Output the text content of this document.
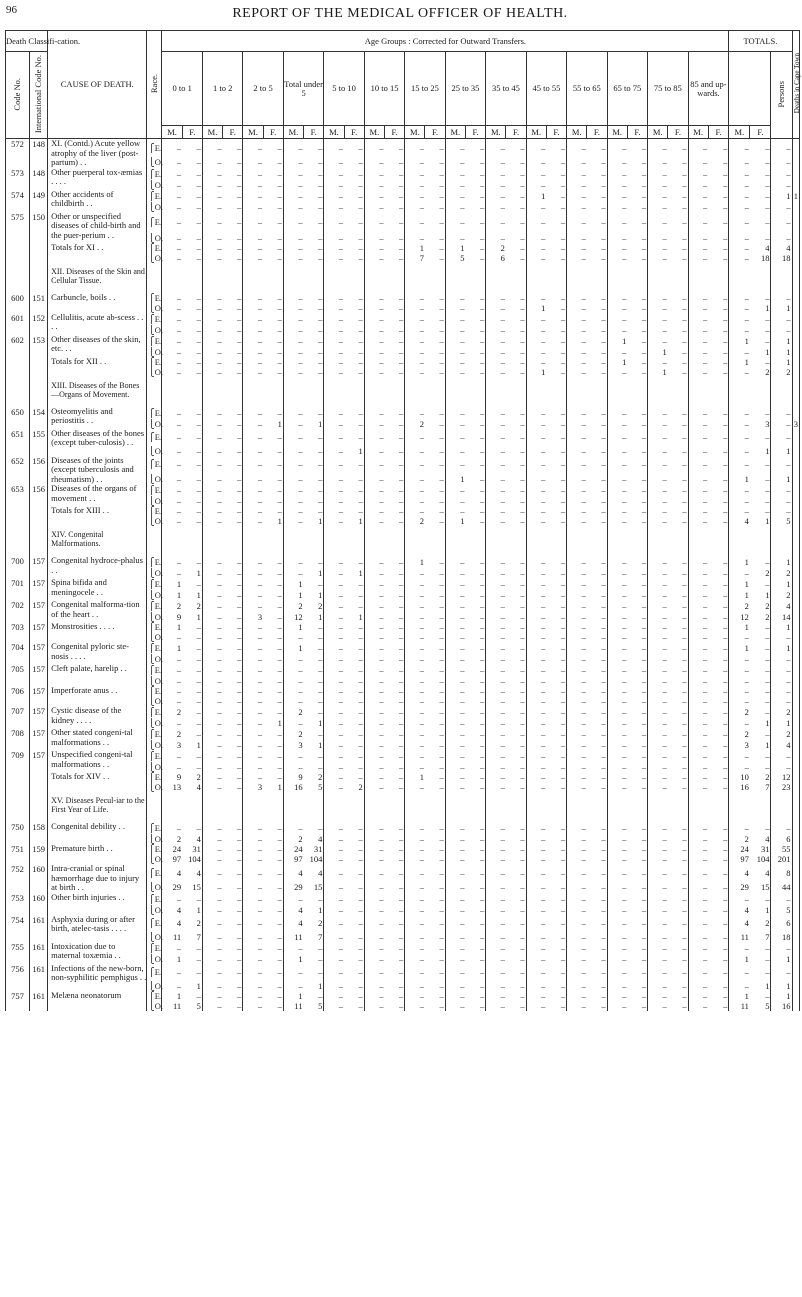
96	REPORT OF THE MEDICAL OFFICER OF HEALTH.
Death Classifi-cation.		CAUSE OF DEATH.	Race.	Age Groups : Corrected for Outward Transfers.																												TOTALS.			Deaths in Cape Town
Code No.	International Code No.			0 to 1		1 to 2		2 to 5		Total under 5		5 to 10		10 to 15		15 to 25		25 to 35		35 to 45		45 to 55		55 to 65		65 to 75		75 to 85		85 and up-wards.				Persons	
				M.	F.	M.	F.	M.	F.	M.	F.	M.	F.	M.	F.	M.	F.	M.	F.	M.	F.	M.	F.	M.	F.	M.	F.	M.	F.	M.	F.	M.	F.		
572	148	XI. (Contd.) Acute yellow atrophy of the liver (post-partum) . .	⎧E.	–	–	–	–	–	–	–	–	–	–	–	–	–	–	–	–	–	–	–	–	–	–	–	–	–	–	–	–	–	–	–	
			⎩O.	–	–	–	–	–	–	–	–	–	–	–	–	–	–	–	–	–	–	–	–	–	–	–	–	–	–	–	–	–	–	–	
573	148	Other puerperal tox-æmias . . . .	⎧E.	–	–	–	–	–	–	–	–	–	–	–	–	–	–	–	–	–	–	–	–	–	–	–	–	–	–	–	–	–	–	–	
			⎩O.	–	–	–	–	–	–	–	–	–	–	–	–	–	–	–	–	–	–	–	–	–	–	–	–	–	–	–	–	–	–	–	
574	149	Other accidents of childbirth . .	⎧E.	–	–	–	–	–	–	–	–	–	–	–	–	–	–	–	–	–	–	1	–	–	–	–	–	–	–	–	–	–	–	1	1
			⎩O.	–	–	–	–	–	–	–	–	–	–	–	–	–	–	–	–	–	–	–	–	–	–	–	–	–	–	–	–	–	–	–	
575	150	Other or unspecified diseases of child-birth and the puer-perium . .	⎧E.	–	–	–	–	–	–	–	–	–	–	–	–	–	–	–	–	–	–	–	–	–	–	–	–	–	–	–	–	–	–	–	
			⎩O.	–	–	–	–	–	–	–	–	–	–	–	–	–	–	–	–	–	–	–	–	–	–	–	–	–	–	–	–	–	–	–	
		Totals for XI . .	⎧E.	–	–	–	–	–	–	–	–	–	–	–	–	1	–	1	–	2	–	–	–	–	–	–	–	–	–	–	–	–	4	4	
			⎩O.	–	–	–	–	–	–	–	–	–	–	–	–	7	–	5	–	6	–	–	–	–	–	–	–	–	–	–	–	–	18	18	

		XII. Diseases of the Skin and Cellular Tissue.																																	

600	151	Carbuncle, boils . .	⎧E.	–	–	–	–	–	–	–	–	–	–	–	–	–	–	–	–	–	–	–	–	–	–	–	–	–	–	–	–	–	–	–	
			⎩O.	–	–	–	–	–	–	–	–	–	–	–	–	–	–	–	–	–	–	1	–	–	–	–	–	–	–	–	–	–	1	1	
601	152	Cellulitis, acute ab-scess . . . .	⎧E.	–	–	–	–	–	–	–	–	–	–	–	–	–	–	–	–	–	–	–	–	–	–	–	–	–	–	–	–	–	–	–	
			⎩O.	–	–	–	–	–	–	–	–	–	–	–	–	–	–	–	–	–	–	–	–	–	–	–	–	–	–	–	–	–	–	–	
602	153	Other diseases of the skin, etc. . .	⎧E.	–	–	–	–	–	–	–	–	–	–	–	–	–	–	–	–	–	–	–	–	–	–	1	–	–	–	–	–	1	–	1	
			⎩O.	–	–	–	–	–	–	–	–	–	–	–	–	–	–	–	–	–	–	–	–	–	–	–	–	1	–	–	–	–	1	1	
		Totals for XII . .	⎧E.	–	–	–	–	–	–	–	–	–	–	–	–	–	–	–	–	–	–	–	–	–	–	1	–	–	–	–	–	1	–	1	
			⎩O.	–	–	–	–	–	–	–	–	–	–	–	–	–	–	–	–	–	–	1	–	–	–	–	–	1	–	–	–	–	2	2	

		XIII. Diseases of the Bones—Organs of Movement.																																	

650	154	Osteomyelitis and periostitis . .	⎧E.	–	–	–	–	–	–	–	–	–	–	–	–	–	–	–	–	–	–	–	–	–	–	–	–	–	–	–	–	–	–	–	
			⎩O.	–	–	–	–	–	1	–	1	–	–	–	–	2	–	–	–	–	–	–	–	–	–	–	–	–	–	–	–	–	3	–	3
651	155	Other diseases of the bones (except tuber-culosis) . .	⎧E.	–	–	–	–	–	–	–	–	–	–	–	–	–	–	–	–	–	–	–	–	–	–	–	–	–	–	–	–	–	–	–	
			⎩O.	–	–	–	–	–	–	–	–	–	1	–	–	–	–	–	–	–	–	–	–	–	–	–	–	–	–	–	–	–	1	1	
652	156	Diseases of the joints (except tuberculosis and rheumatism) . .	⎧E.	–	–	–	–	–	–	–	–	–	–	–	–	–	–	–	–	–	–	–	–	–	–	–	–	–	–	–	–	–	–	–	
			⎩O.	–	–	–	–	–	–	–	–	–	–	–	–	–	–	1	–	–	–	–	–	–	–	–	–	–	–	–	–	1	–	1	
653	156	Diseases of the organs of movement . .	⎧E.	–	–	–	–	–	–	–	–	–	–	–	–	–	–	–	–	–	–	–	–	–	–	–	–	–	–	–	–	–	–	–	
			⎩O.	–	–	–	–	–	–	–	–	–	–	–	–	–	–	–	–	–	–	–	–	–	–	–	–	–	–	–	–	–	–	–	
		Totals for XIII . .	⎧E.	–	–	–	–	–	–	–	–	–	–	–	–	–	–	–	–	–	–	–	–	–	–	–	–	–	–	–	–	–	–	–	
			⎩O.	–	–	–	–	–	1	–	1	–	1	–	–	2	–	1	–	–	–	–	–	–	–	–	–	–	–	–	–	4	1	5	

		XIV. Congenital Malformations.																																	

700	157	Congenital hydroce-phalus . .	⎧E.	–	–	–	–	–	–	–	–	–	–	–	–	1	–	–	–	–	–	–	–	–	–	–	–	–	–	–	–	1	–	1	
			⎩O.	–	1	–	–	–	–	–	1	–	1	–	–	–	–	–	–	–	–	–	–	–	–	–	–	–	–	–	–	–	2	2	
701	157	Spina bifida and meningocele . .	⎧E.	1	–	–	–	–	–	1	–	–	–	–	–	–	–	–	–	–	–	–	–	–	–	–	–	–	–	–	–	1	–	1	
			⎩O.	1	1	–	–	–	–	1	1	–	–	–	–	–	–	–	–	–	–	–	–	–	–	–	–	–	–	–	–	1	1	2	
702	157	Congenital malforma-tion of the heart . .	⎧E.	2	2	–	–	–	–	2	2	–	–	–	–	–	–	–	–	–	–	–	–	–	–	–	–	–	–	–	–	2	2	4	
			⎩O.	9	1	–	–	3	–	12	1	–	1	–	–	–	–	–	–	–	–	–	–	–	–	–	–	–	–	–	–	12	2	14	
703	157	Monstrosities . . . .	⎧E.	1	–	–	–	–	–	1	–	–	–	–	–	–	–	–	–	–	–	–	–	–	–	–	–	–	–	–	–	1	–	1	
			⎩O.	–	–	–	–	–	–	–	–	–	–	–	–	–	–	–	–	–	–	–	–	–	–	–	–	–	–	–	–	–	–	–	
704	157	Congenital pyloric ste-nosis . . . .	⎧E.	1	–	–	–	–	–	1	–	–	–	–	–	–	–	–	–	–	–	–	–	–	–	–	–	–	–	–	–	1	–	1	
			⎩O.	–	–	–	–	–	–	–	–	–	–	–	–	–	–	–	–	–	–	–	–	–	–	–	–	–	–	–	–	–	–	–	
705	157	Cleft palate, harelip . .	⎧E.	–	–	–	–	–	–	–	–	–	–	–	–	–	–	–	–	–	–	–	–	–	–	–	–	–	–	–	–	–	–	–	
			⎩O.	–	–	–	–	–	–	–	–	–	–	–	–	–	–	–	–	–	–	–	–	–	–	–	–	–	–	–	–	–	–	–	
706	157	Imperforate anus . .	⎧E.	–	–	–	–	–	–	–	–	–	–	–	–	–	–	–	–	–	–	–	–	–	–	–	–	–	–	–	–	–	–	–	
			⎩O.	–	–	–	–	–	–	–	–	–	–	–	–	–	–	–	–	–	–	–	–	–	–	–	–	–	–	–	–	–	–	–	
707	157	Cystic disease of the kidney . . . .	⎧E.	2	–	–	–	–	–	2	–	–	–	–	–	–	–	–	–	–	–	–	–	–	–	–	–	–	–	–	–	2	–	2	
			⎩O.	–	–	–	–	–	1	–	1	–	–	–	–	–	–	–	–	–	–	–	–	–	–	–	–	–	–	–	–	–	1	1	
708	157	Other stated congeni-tal malformations . .	⎧E.	2	–	–	–	–	–	2	–	–	–	–	–	–	–	–	–	–	–	–	–	–	–	–	–	–	–	–	–	2	–	2	
			⎩O.	3	1	–	–	–	–	3	1	–	–	–	–	–	–	–	–	–	–	–	–	–	–	–	–	–	–	–	–	3	1	4	
709	157	Unspecified congeni-tal malformations . .	⎧E.	–	–	–	–	–	–	–	–	–	–	–	–	–	–	–	–	–	–	–	–	–	–	–	–	–	–	–	–	–	–	–	
			⎩O.	–	–	–	–	–	–	–	–	–	–	–	–	–	–	–	–	–	–	–	–	–	–	–	–	–	–	–	–	–	–	–	
		Totals for XIV . .	⎧E.	9	2	–	–	–	–	9	2	–	–	–	–	1	–	–	–	–	–	–	–	–	–	–	–	–	–	–	–	10	2	12	
			⎩O.	13	4	–	–	3	1	16	5	–	2	–	–	–	–	–	–	–	–	–	–	–	–	–	–	–	–	–	–	16	7	23	

		XV. Diseases Pecul-iar to the First Year of Life.																																	

750	158	Congenital debility . .	⎧E.	–	–	–	–	–	–	–	–	–	–	–	–	–	–	–	–	–	–	–	–	–	–	–	–	–	–	–	–	–	–	–	
			⎩O.	2	4	–	–	–	–	2	4	–	–	–	–	–	–	–	–	–	–	–	–	–	–	–	–	–	–	–	–	2	4	6	
751	159	Premature birth . .	⎧E.	24	31	–	–	–	–	24	31	–	–	–	–	–	–	–	–	–	–	–	–	–	–	–	–	–	–	–	–	24	31	55	
			⎩O.	97	104	–	–	–	–	97	104	–	–	–	–	–	–	–	–	–	–	–	–	–	–	–	–	–	–	–	–	97	104	201	
752	160	Intra-cranial or spinal hæmorrhage due to injury at birth . .	⎧E.	4	4	–	–	–	–	4	4	–	–	–	–	–	–	–	–	–	–	–	–	–	–	–	–	–	–	–	–	4	4	8	
			⎩O.	29	15	–	–	–	–	29	15	–	–	–	–	–	–	–	–	–	–	–	–	–	–	–	–	–	–	–	–	29	15	44	
753	160	Other birth injuries . .	⎧E.	–	–	–	–	–	–	–	–	–	–	–	–	–	–	–	–	–	–	–	–	–	–	–	–	–	–	–	–	–	–	–	
			⎩O.	4	1	–	–	–	–	4	1	–	–	–	–	–	–	–	–	–	–	–	–	–	–	–	–	–	–	–	–	4	1	5	
754	161	Asphyxia during or after birth, atelec-tasis . . . .	⎧E.	4	2	–	–	–	–	4	2	–	–	–	–	–	–	–	–	–	–	–	–	–	–	–	–	–	–	–	–	4	2	6	
			⎩O.	11	7	–	–	–	–	11	7	–	–	–	–	–	–	–	–	–	–	–	–	–	–	–	–	–	–	–	–	11	7	18	
755	161	Intoxication due to maternal toxæmia . .	⎧E.	–	–	–	–	–	–	–	–	–	–	–	–	–	–	–	–	–	–	–	–	–	–	–	–	–	–	–	–	–	–	–	
			⎩O.	1	–	–	–	–	–	1	–	–	–	–	–	–	–	–	–	–	–	–	–	–	–	–	–	–	–	–	–	1	–	1	
756	161	Infections of the new-born, non-syphilitic pemphigus . .	⎧E.	–	–	–	–	–	–	–	–	–	–	–	–	–	–	–	–	–	–	–	–	–	–	–	–	–	–	–	–	–	–	–	
			⎩O.	–	1	–	–	–	–	–	1	–	–	–	–	–	–	–	–	–	–	–	–	–	–	–	–	–	–	–	–	–	1	1	
757	161	Melæna neonatorum	⎧E.	1	–	–	–	–	–	1	–	–	–	–	–	–	–	–	–	–	–	–	–	–	–	–	–	–	–	–	–	1	–	1	
			⎩O.	11	5	–	–	–	–	11	5	–	–	–	–	–	–	–	–	–	–	–	–	–	–	–	–	–	–	–	–	11	5	16	
